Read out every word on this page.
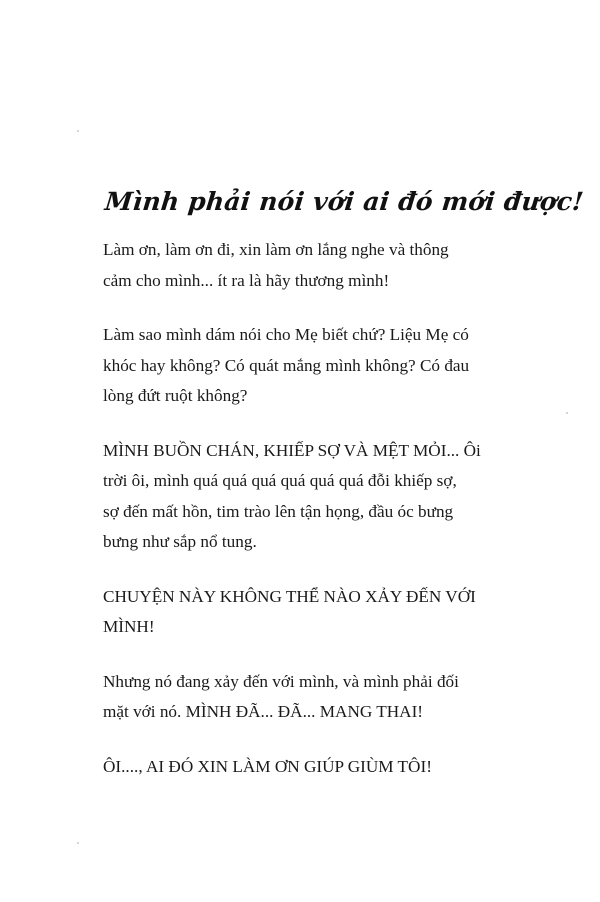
Mình phải nói với ai đó mới được!

Làm ơn, làm ơn đi, xin làm ơn lắng nghe và thông
cảm cho mình... ít ra là hãy thương mình!

Làm sao mình dám nói cho Mẹ biết chứ? Liệu Mẹ có
khóc hay không? Có quát mắng mình không? Có đau
lòng đứt ruột không?

MÌNH BUỒN CHÁN, KHIẾP SỢ VÀ MỆT MỎI... Ôi
trời ôi, mình quá quá quá quá quá quá đỗi khiếp sợ,
sợ đến mất hồn, tim trào lên tận họng, đầu óc bưng
bưng như sắp nổ tung.

CHUYỆN NÀY KHÔNG THỂ NÀO XẢY ĐẾN VỚI
MÌNH!

Nhưng nó đang xảy đến với mình, và mình phải đối
mặt với nó. MÌNH ĐÃ... ĐÃ... MANG THAI!

ÔI...., AI ĐÓ XIN LÀM ƠN GIÚP GIÙM TÔI!
